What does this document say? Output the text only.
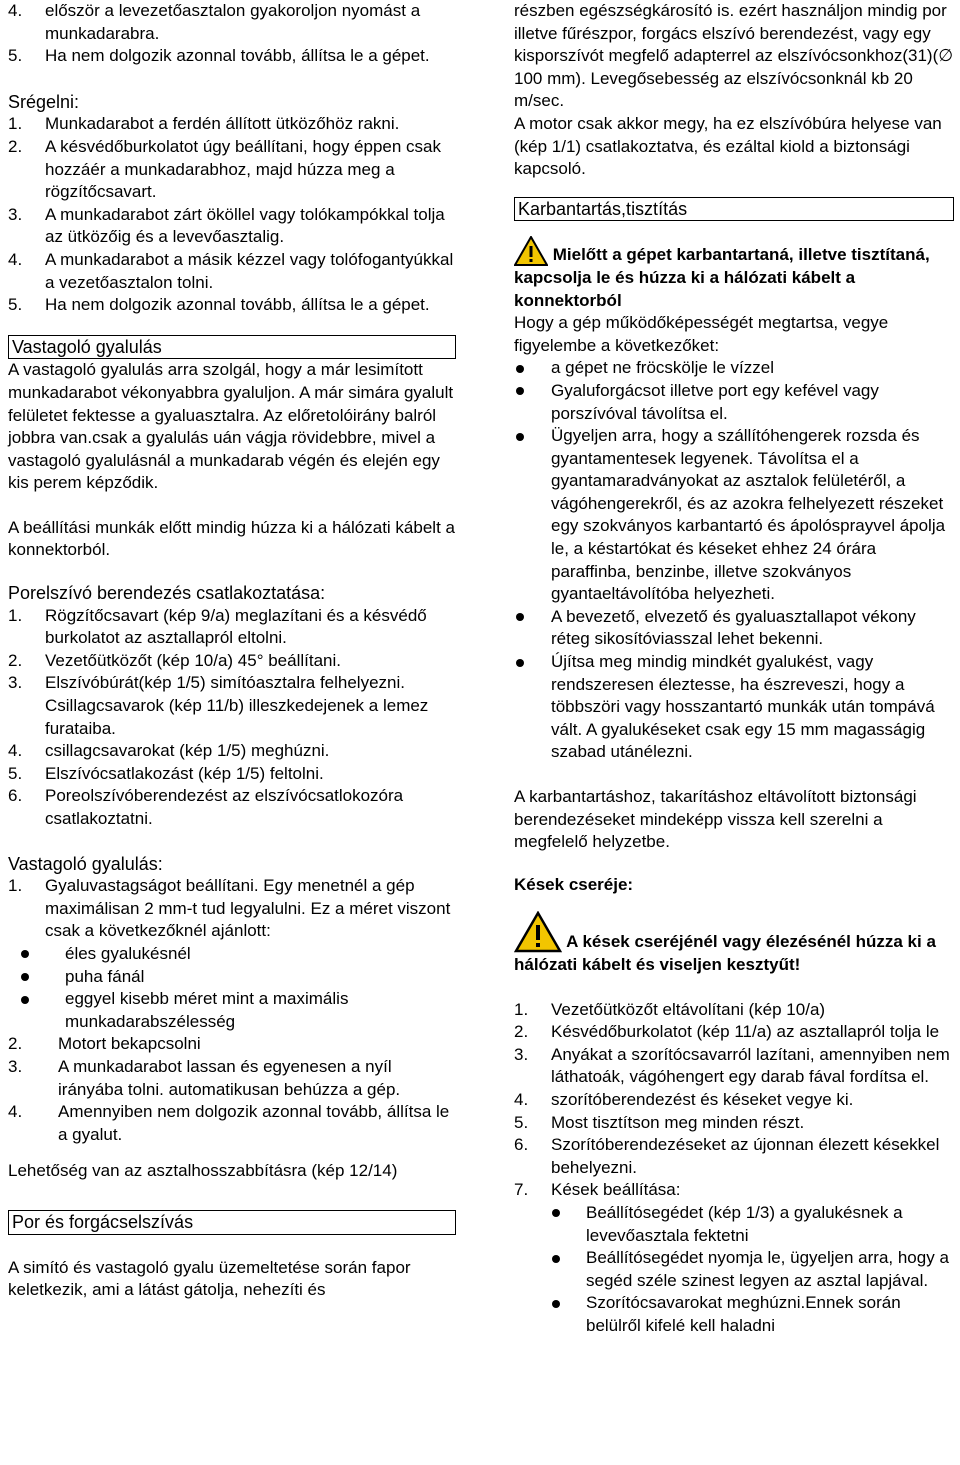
4.	először a levezetőasztalon gyakoroljon nyomást a munkadarabra.
5.	Ha nem dolgozik azonnal tovább, állítsa le a gépet.

Srégelni:

1.	Munkadarabot a ferdén állított ütközőhöz rakni.
2.	A késvédőburkolatot úgy beállítani, hogy éppen csak hozzáér a munkadarabhoz, majd húzza meg a rögzítőcsavart.
3.	A munkadarabot zárt ököllel vagy tolókampókkal tolja az ütközőig és a levevőasztalig.
4.	A munkadarabot a másik kézzel vagy tolófogantyúkkal a vezetőasztalon tolni.
5.	Ha nem dolgozik azonnal tovább, állítsa le a gépet.
Vastagoló gyalulás

A vastagoló gyalulás arra szolgál, hogy a már lesimított munkadarabot vékonyabbra gyaluljon. A már simára gyalult felületet fektesse a gyaluasztalra. Az előretolóirány balról jobbra van.csak a gyalulás uán vágja rövidebbre, mivel a vastagoló gyalulásnál a munkadarab végén és elején egy kis perem képződik.

A beállítási munkák előtt mindig húzza ki a hálózati kábelt a konnektorból.

Porelszívó berendezés csatlakoztatása:

1.	Rögzítőcsavart (kép 9/a) meglazítani és a késvédő burkolatot az asztallapról eltolni.
2.	Vezetőütközőt (kép 10/a) 45° beállítani.
3.	Elszívóbúrát(kép 1/5) simítóasztalra felhelyezni. Csillagcsavarok (kép 11/b) illeszkedejenek a lemez furataiba.
4.	csillagcsavarokat (kép 1/5) meghúzni.
5.	Elszívócsatlakozást (kép 1/5) feltolni.
6.	Poreolszívóberendezést az elszívócsatlokozóra csatlakoztatni.

Vastagoló gyalulás:

1.	Gyaluvastagságot beállítani. Egy menetnél a gép maximálisan 2 mm-t tud legyalulni. Ez a méret viszont csak a következőknél ajánlott:
éles gyalukésnél
puha fánál
eggyel kisebb méret mint a maximális munkadarabszélesség
2.	Motort bekapcsolni
3.	A munkadarabot lassan és egyenesen a nyíl irányába tolni. automatikusan behúzza a gép.
4.	Amennyiben nem dolgozik azonnal tovább, állítsa le a gyalut.

Lehetőség van az asztalhosszabbításra (kép 12/14)

Por és forgácselszívás

A simító és vastagoló gyalu üzemeltetése során fapor keletkezik, ami a látást gátolja, nehezíti és

részben egészségkárosító is. ezért használjon mindig por illetve fűrészpor, forgács elszívó berendezést, vagy egy kisporszívót megfelő adapterrel az elszívócsonkhoz(31)(∅ 100 mm). Levegősebesség az elszívócsonknál kb 20 m/sec.

A motor csak akkor megy, ha ez elszívóbúra helyese van (kép 1/1) csatlakoztatva, és ezáltal kiold a biztonsági kapcsoló.

Karbantartás,tisztítás

Mielőtt a gépet karbantartaná, illetve tisztítaná, kapcsolja le és húzza ki a hálózati kábelt a konnektorból

Hogy a gép működőképességét megtartsa, vegye figyelembe a következőket:

a gépet ne fröcskölje le vízzel
Gyaluforgácsot illetve port egy kefével vagy porszívóval távolítsa el.
Ügyeljen arra, hogy a szállítóhengerek rozsda és gyantamentesek legyenek. Távolítsa el a gyantamaradványokat az asztalok felületéről, a vágóhengerekről, és az azokra felhelyezett részeket egy szokványos karbantartó és ápolósprayvel ápolja le, a késtartókat és késeket ehhez 24 órára paraffinba, benzinbe, illetve szokványos gyantaeltávolítóba helyezheti.
A bevezető, elvezető és gyaluasztallapot vékony réteg sikosítóviasszal lehet bekenni.
Újítsa meg mindig mindkét gyalukést, vagy rendszeresen éleztesse, ha észreveszi, hogy a többszöri vagy hosszantartó munkák után tompává vált. A gyalukéseket csak egy 15 mm magasságig szabad utánélezni.

A karbantartáshoz, takarításhoz eltávolított biztonsági berendezéseket mindeképp vissza kell szerelni a megfelelő helyzetbe.

Kések cseréje:

A kések cseréjénél vagy élezésénél húzza ki a hálózati kábelt és viseljen kesztyűt!

1.	Vezetőütközőt eltávolítani (kép 10/a)
2.	Késvédőburkolatot (kép 11/a) az asztallapról tolja le
3.	Anyákat a szorítócsavarról lazítani, amennyiben nem láthatoák, vágóhengert egy darab fával fordítsa el.
4.	szorítóberendezést és késeket vegye ki.
5.	Most tisztítson meg minden részt.
6.	Szorítóberendezéseket az újonnan élezett késekkel behelyezni.
7.	Kések beállítása:
Beállítósegédet (kép 1/3) a gyalukésnek a levevőasztala fektetni
Beállítósegédet nyomja le, ügyeljen arra, hogy a segéd széle szinest legyen az asztal lapjával.
Szorítócsavarokat meghúzni.Ennek során belülről kifelé kell haladni
